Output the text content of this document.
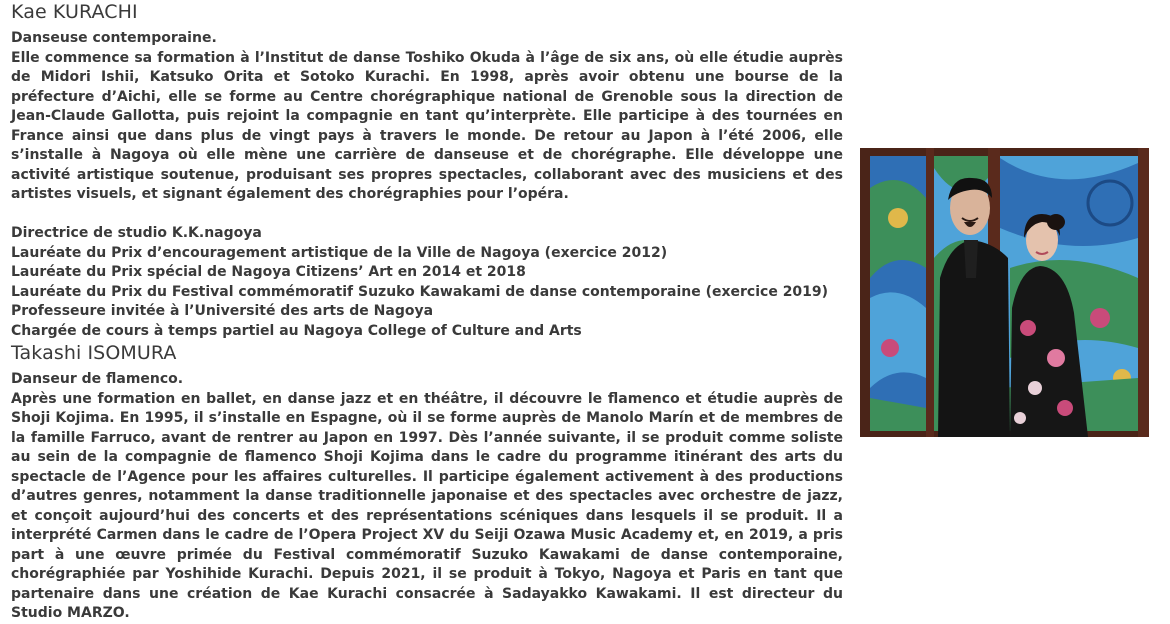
Kae KURACHI

Danseuse contemporaine.

Elle commence sa formation à l’Institut de danse Toshiko Okuda à l’âge de six ans, où elle étudie auprès de Midori Ishii, Katsuko Orita et Sotoko Kurachi. En 1998, après avoir obtenu une bourse de la préfecture d’Aichi, elle se forme au Centre chorégraphique national de Grenoble sous la direction de Jean-Claude Gallotta, puis rejoint la compagnie en tant qu’interprète. Elle participe à des tournées en France ainsi que dans plus de vingt pays à travers le monde. De retour au Japon à l’été 2006, elle s’installe à Nagoya où elle mène une carrière de danseuse et de chorégraphe. Elle développe une activité artistique soutenue, produisant ses propres spectacles, collaborant avec des musiciens et des artistes visuels, et signant également des chorégraphies pour l’opéra.

Directrice de studio K.K.nagoya
Lauréate du Prix d’encouragement artistique de la Ville de Nagoya (exercice 2012)
Lauréate du Prix spécial de Nagoya Citizens’ Art en 2014 et 2018
Lauréate du Prix du Festival commémoratif Suzuko Kawakami de danse contemporaine (exercice 2019)
Professeure invitée à l’Université des arts de Nagoya
Chargée de cours à temps partiel au Nagoya College of Culture and Arts
Takashi ISOMURA

Danseur de flamenco.

Après une formation en ballet, en danse jazz et en théâtre, il découvre le flamenco et étudie auprès de Shoji Kojima. En 1995, il s’installe en Espagne, où il se forme auprès de Manolo Marín et de membres de la famille Farruco, avant de rentrer au Japon en 1997. Dès l’année suivante, il se produit comme soliste au sein de la compagnie de flamenco Shoji Kojima dans le cadre du programme itinérant des arts du spectacle de l’Agence pour les affaires culturelles. Il participe également activement à des productions d’autres genres, notamment la danse traditionnelle japonaise et des spectacles avec orchestre de jazz, et conçoit aujourd’hui des concerts et des représentations scéniques dans lesquels il se produit. Il a interprété Carmen dans le cadre de l’Opera Project XV du Seiji Ozawa Music Academy et, en 2019, a pris part à une œuvre primée du Festival commémoratif Suzuko Kawakami de danse contemporaine, chorégraphiée par Yoshihide Kurachi. Depuis 2021, il se produit à Tokyo, Nagoya et Paris en tant que partenaire dans une création de Kae Kurachi consacrée à Sadayakko Kawakami. Il est directeur du Studio MARZO.
